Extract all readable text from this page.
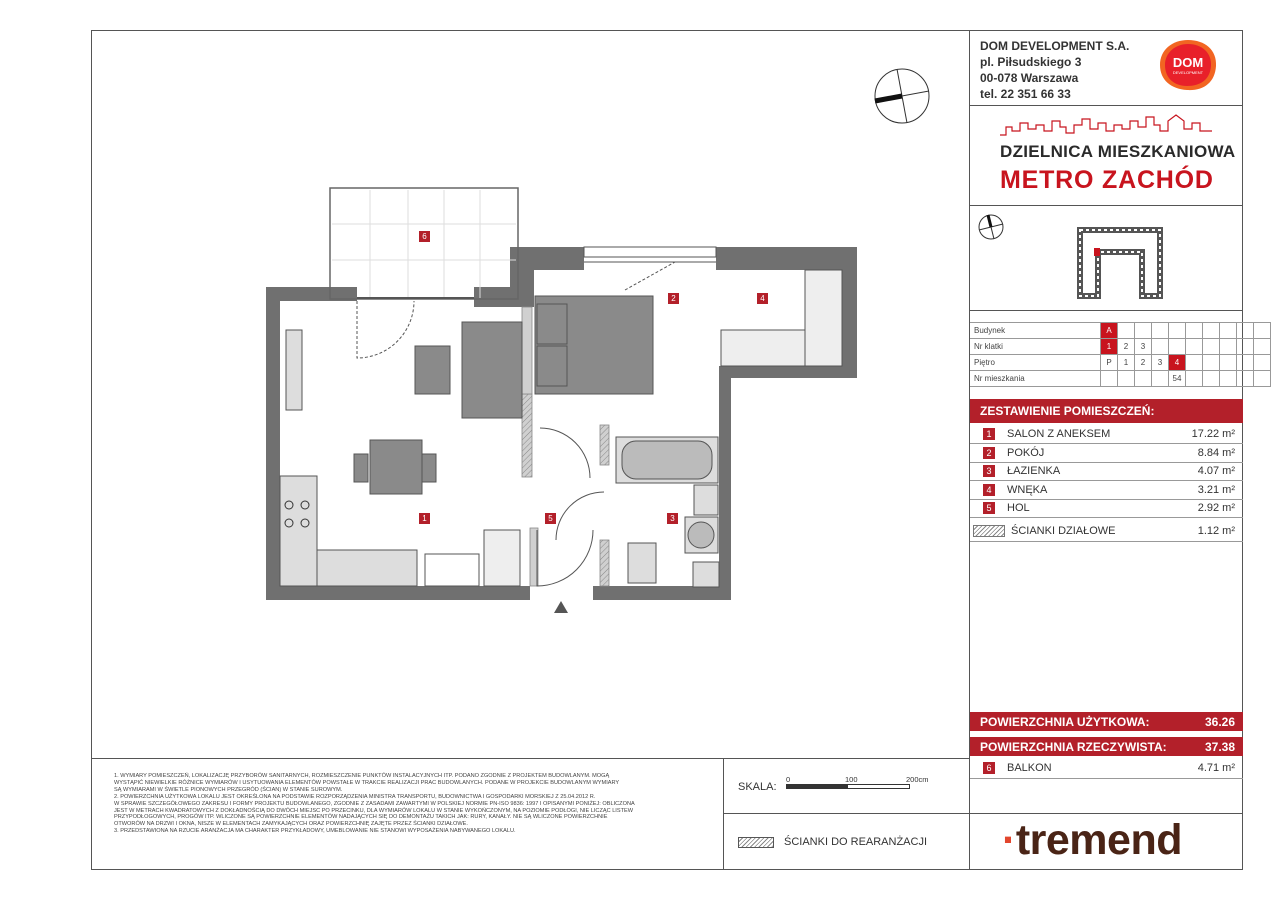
DOM DEVELOPMENT S.A.
pl. Piłsudskiego 3
00-078 Warszawa
tel. 22 351 66 33
DOM
DEVELOPMENT
DZIELNICA MIESZKANIOWA
METRO ZACHÓD
Budynek	A									
Nr klatki	1	2	3							
Piętro	P	1	2	3	4					
Nr mieszkania					54					
ZESTAWIENIE POMIESZCZEŃ:
1	SALON Z ANEKSEM	17.22 m²
2	POKÓJ	8.84 m²
3	ŁAZIENKA	4.07 m²
4	WNĘKA	3.21 m²
5	HOL	2.92 m²
ŚCIANKI DZIAŁOWE	1.12 m²
POWIERZCHNIA UŻYTKOWA:	36.26
POWIERZCHNIA RZECZYWISTA:	37.38
6	BALKON	4.71 m²
1. WYMIARY POMIESZCZEŃ, LOKALIZACJĘ PRZYBORÓW SANITARNYCH, ROZMIESZCZENIE PUNKTÓW INSTALACYJNYCH ITP. PODANO ZGODNIE Z PROJEKTEM BUDOWLANYM. MOGĄ
WYSTĄPIĆ NIEWIELKIE RÓŻNICE WYMIARÓW I USYTUOWANIA ELEMENTÓW POWSTAŁE W TRAKCIE REALIZACJI PRAC BUDOWLANYCH. PODANE W PROJEKCIE BUDOWLANYM WYMIARY
SĄ WYMIARAMI W ŚWIETLE PIONOWYCH PRZEGRÓD (ŚCIAN) W STANIE SUROWYM.
2. POWIERZCHNIA UŻYTKOWA LOKALU JEST OKREŚLONA NA PODSTAWIE ROZPORZĄDZENIA MINISTRA TRANSPORTU, BUDOWNICTWA I GOSPODARKI MORSKIEJ Z 25.04.2012 R.
W SPRAWIE SZCZEGÓŁOWEGO ZAKRESU I FORMY PROJEKTU BUDOWLANEGO, ZGODNIE Z ZASADAMI ZAWARTYMI W POLSKIEJ NORMIE PN-ISO 9836: 1997 I OPISANYMI PONIŻEJ: OBLICZONA
JEST W METRACH KWADRATOWYCH Z DOKŁADNOŚCIĄ DO DWÓCH MIEJSC PO PRZECINKU, DLA WYMIARÓW LOKALU W STANIE WYKOŃCZONYM, NA POZIOMIE PODŁOGI, NIE LICZĄC LISTEW
PRZYPODŁOGOWYCH, PROGÓW ITP. WLICZONE SĄ POWIERZCHNIE ELEMENTÓW NADAJĄCYCH SIĘ DO DEMONTAŻU TAKICH JAK: RURY, KANAŁY. NIE SĄ WLICZONE POWIERZCHNIE
OTWORÓW NA DRZWI I OKNA, NISZE W ELEMENTACH ZAMYKAJĄCYCH ORAZ POWIERZCHNIĘ ZAJĘTE PRZEZ ŚCIANKI DZIAŁOWE.
3. PRZEDSTAWIONA NA RZUCIE ARANŻACJA MA CHARAKTER PRZYKŁADOWY, UMEBLOWANIE NIE STANOWI WYPOSAŻENIA NABYWANEGO LOKALU.
SKALA:
0	100	200cm
ŚCIANKI DO REARANŻACJI ·tremend
6
2	4
1	5	3
